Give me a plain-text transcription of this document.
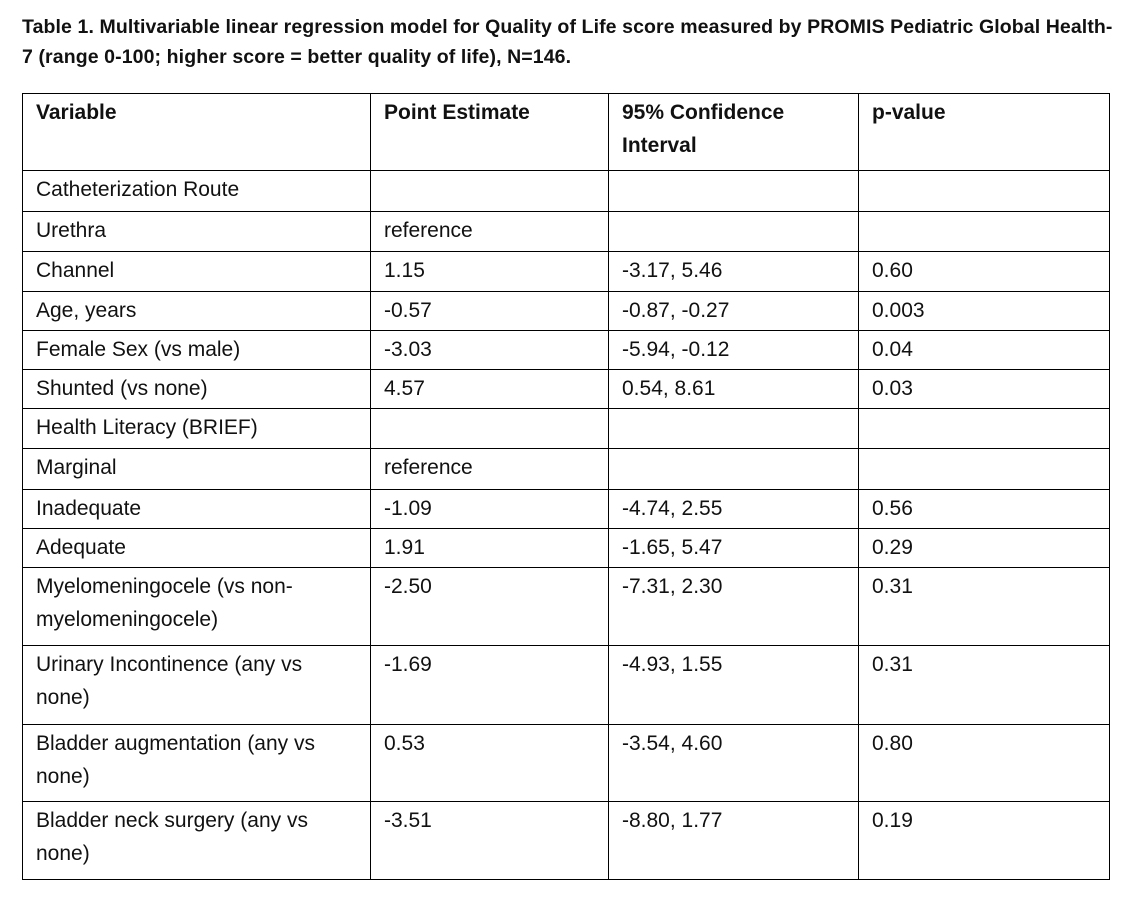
Table 1. Multivariable linear regression model for Quality of Life score measured by PROMIS Pediatric Global Health-7 (range 0-100; higher score = better quality of life), N=146.
Variable	Point Estimate	95% Confidence Interval	p-value
Catheterization Route			
Urethra	reference		
Channel	1.15	-3.17, 5.46	0.60
Age, years	-0.57	-0.87, -0.27	0.003
Female Sex (vs male)	-3.03	-5.94, -0.12	0.04
Shunted (vs none)	4.57	0.54, 8.61	0.03
Health Literacy (BRIEF)			
Marginal	reference		
Inadequate	-1.09	-4.74, 2.55	0.56
Adequate	1.91	-1.65, 5.47	0.29
Myelomeningocele (vs non-myelomeningocele)	-2.50	-7.31, 2.30	0.31
Urinary Incontinence (any vs none)	-1.69	-4.93, 1.55	0.31
Bladder augmentation (any vs none)	0.53	-3.54, 4.60	0.80
Bladder neck surgery (any vs none)	-3.51	-8.80, 1.77	0.19
